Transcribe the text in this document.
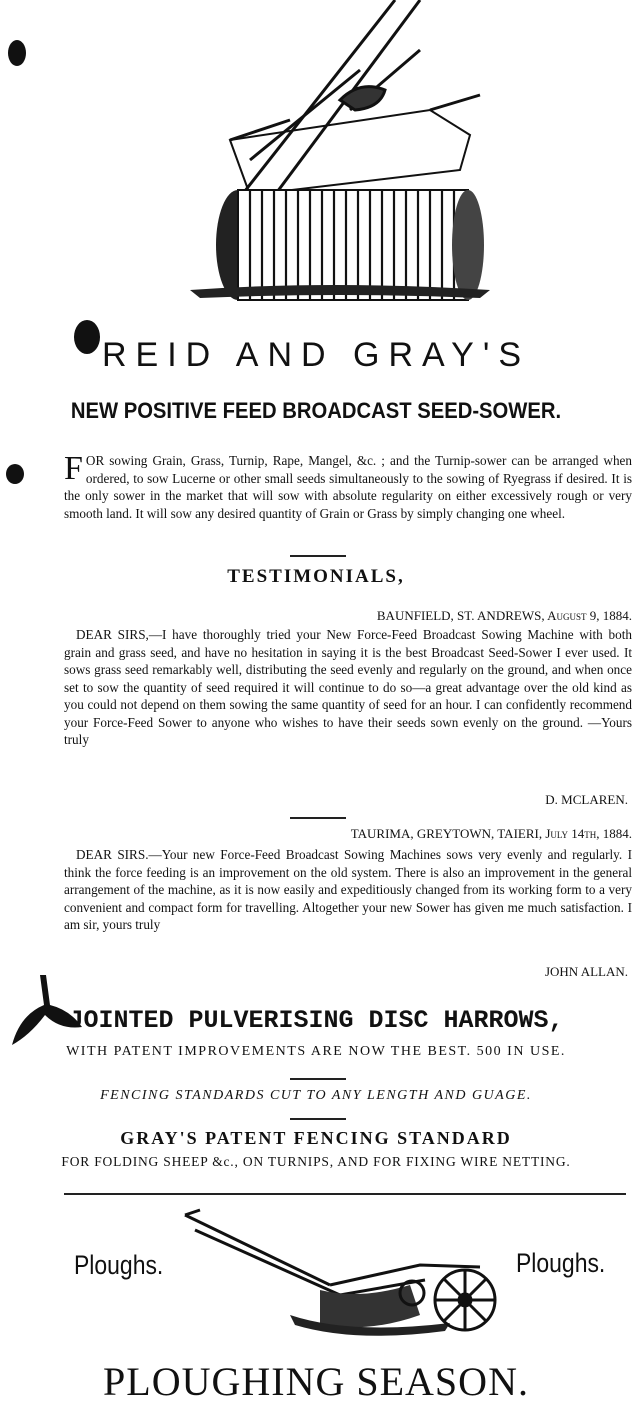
REID AND GRAY'S
NEW POSITIVE FEED BROADCAST SEED-SOWER.
FOR sowing Grain, Grass, Turnip, Rape, Mangel, &c. ; and the Turnip-sower can be arranged when ordered, to sow Lucerne or other small seeds simultaneously to the sowing of Ryegrass if desired. It is the only sower in the market that will sow with absolute regularity on either excessively rough or very smooth land. It will sow any desired quantity of Grain or Grass by simply changing one wheel.
TESTIMONIALS,
BAUNFIELD, ST. ANDREWS, August 9, 1884.
DEAR SIRS,—I have thoroughly tried your New Force-Feed Broadcast Sowing Machine with both grain and grass seed, and have no hesitation in saying it is the best Broadcast Seed-Sower I ever used. It sows grass seed remarkably well, distributing the seed evenly and regularly on the ground, and when once set to sow the quantity of seed required it will continue to do so—a great advantage over the old kind as you could not depend on them sowing the same quantity of seed for an hour. I can confidently recommend your Force-Feed Sower to anyone who wishes to have their seeds sown evenly on the ground. —Yours truly
D. MCLAREN.
TAURIMA, GREYTOWN, TAIERI, July 14th, 1884.
DEAR SIRS.—Your new Force-Feed Broadcast Sowing Machines sows very evenly and regularly. I think the force feeding is an improvement on the old system. There is also an improvement in the general arrangement of the machine, as it is now easily and expeditiously changed from its working form to a very convenient and compact form for travelling. Altogether your new Sower has given me much satisfaction. I am sir, yours truly
JOHN ALLAN.
JOINTED PULVERISING DISC HARROWS,
WITH PATENT IMPROVEMENTS ARE NOW THE BEST. 500 IN USE.
FENCING STANDARDS CUT TO ANY LENGTH AND GUAGE.
GRAY'S PATENT FENCING STANDARD
FOR FOLDING SHEEP &c., ON TURNIPS, AND FOR FIXING WIRE NETTING.
Ploughs.	Ploughs.
PLOUGHING SEASON.
